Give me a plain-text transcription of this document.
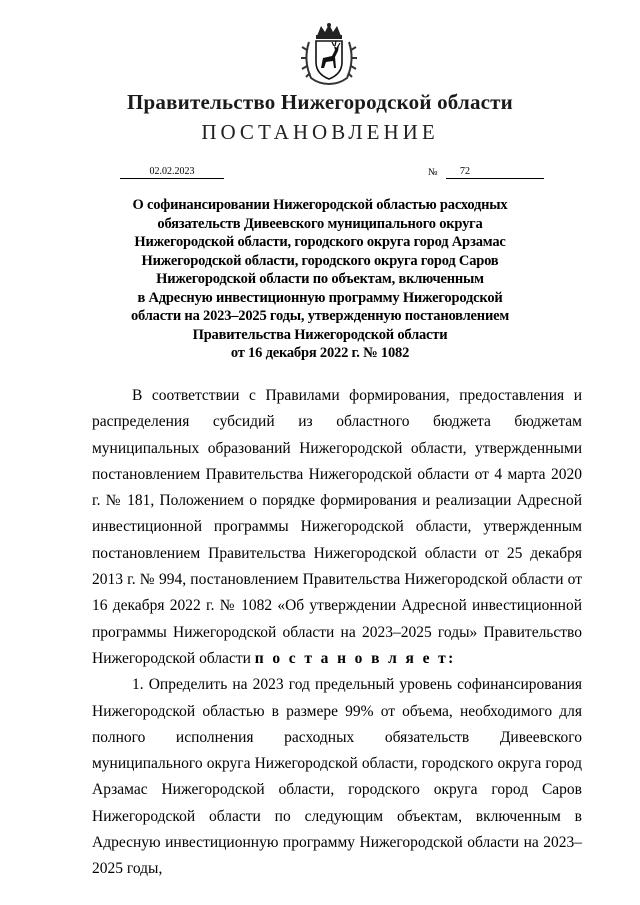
Правительство Нижегородской области
ПОСТАНОВЛЕНИЕ
02.02.2023	№	72
О софинансировании Нижегородской областью расходных
обязательств Дивеевского муниципального округа
Нижегородской области, городского округа город Арзамас
Нижегородской области, городского округа город Саров
Нижегородской области по объектам, включенным
в Адресную инвестиционную программу Нижегородской
области на 2023–2025 годы, утвержденную постановлением
Правительства Нижегородской области
от 16 декабря 2022 г. № 1082

В соответствии с Правилами формирования, предоставления и распределения субсидий из областного бюджета бюджетам муниципальных образований Нижегородской области, утвержденными постановлением Правительства Нижегородской области от 4 марта 2020 г. № 181, Положением о порядке формирования и реализации Адресной инвестиционной программы Нижегородской области, утвержденным постановлением Правительства Нижегородской области от 25 декабря 2013 г. № 994, постановлением Правительства Нижегородской области от 16 декабря 2022 г. № 1082 «Об утверждении Адресной инвестиционной программы Нижегородской области на 2023–2025 годы» Правительство Нижегородской области п о с т а н о в л я е т:

1. Определить на 2023 год предельный уровень софинансирования Нижегородской областью в размере 99% от объема, необходимого для полного исполнения расходных обязательств Дивеевского муниципального округа Нижегородской области, городского округа город Арзамас Нижегородской области, городского округа город Саров Нижегородской области по следующим объектам, включенным в Адресную инвестиционную программу Нижегородской области на 2023–2025 годы,
